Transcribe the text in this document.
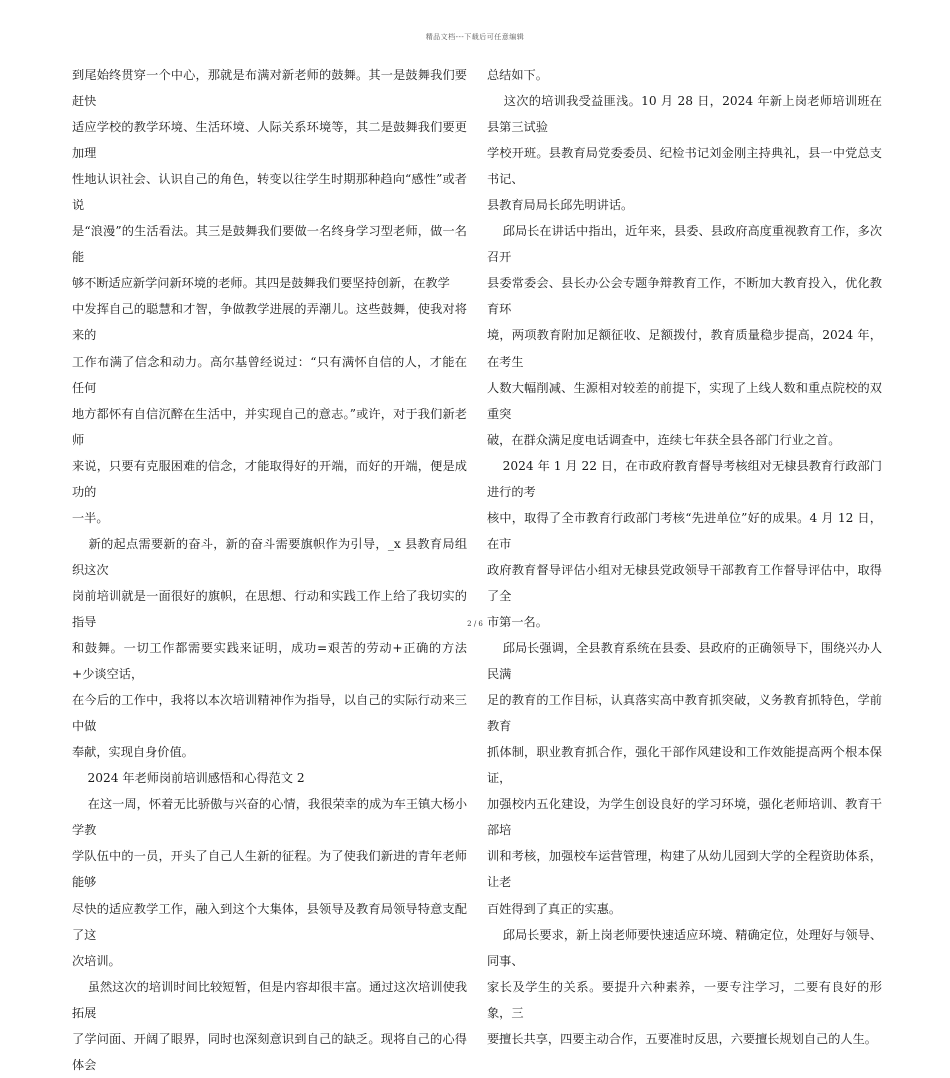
精品文档---下载后可任意编辑

到尾始终贯穿一个中心，那就是布满对新老师的鼓舞。其一是鼓舞我们要赶快

适应学校的教学环境、生活环境、人际关系环境等，其二是鼓舞我们要更加理

性地认识社会、认识自己的角色，转变以往学生时期那种趋向“感性”或者说

是“浪漫”的生活看法。其三是鼓舞我们要做一名终身学习型老师，做一名能

够不断适应新学问新环境的老师。其四是鼓舞我们要坚持创新，在教学

中发挥自己的聪慧和才智，争做教学进展的弄潮儿。这些鼓舞，使我对将来的

工作布满了信念和动力。高尔基曾经说过：“只有满怀自信的人，才能在任何

地方都怀有自信沉醉在生活中，并实现自己的意志。”或许，对于我们新老师

来说，只要有克服困难的信念，才能取得好的开端，而好的开端，便是成功的

一半。

新的起点需要新的奋斗，新的奋斗需要旗帜作为引导，_x 县教育局组织这次

岗前培训就是一面很好的旗帜，在思想、行动和实践工作上给了我切实的指导

和鼓舞。一切工作都需要实践来证明，成功=艰苦的劳动+正确的方法+少谈空话，

在今后的工作中，我将以本次培训精神作为指导，以自己的实际行动来三中做

奉献，实现自身价值。

2024 年老师岗前培训感悟和心得范文 2

在这一周，怀着无比骄傲与兴奋的心情，我很荣幸的成为车王镇大杨小学教

学队伍中的一员，开头了自己人生新的征程。为了使我们新进的青年老师能够

尽快的适应教学工作，融入到这个大集体，县领导及教育局领导特意支配了这

次培训。

虽然这次的培训时间比较短暂，但是内容却很丰富。通过这次培训使我拓展

了学问面、开阔了眼界，同时也深刻意识到自己的缺乏。现将自己的心得体会

总结如下。

这次的培训我受益匪浅。10 月 28 日，2024 年新上岗老师培训班在县第三试验

学校开班。县教育局党委委员、纪检书记刘金刚主持典礼，县一中党总支书记、

县教育局局长邱先明讲话。

邱局长在讲话中指出，近年来，县委、县政府高度重视教育工作，多次召开

县委常委会、县长办公会专题争辩教育工作，不断加大教育投入，优化教育环

境，两项教育附加足额征收、足额拨付，教育质量稳步提高，2024 年，在考生

人数大幅削减、生源相对较差的前提下，实现了上线人数和重点院校的双重突

破，在群众满足度电话调查中，连续七年获全县各部门行业之首。

2024 年 1 月 22 日，在市政府教育督导考核组对无棣县教育行政部门进行的考

核中，取得了全市教育行政部门考核“先进单位”好的成果。4 月 12 日，在市

政府教育督导评估小组对无棣县党政领导干部教育工作督导评估中，取得了全

市第一名。

邱局长强调，全县教育系统在县委、县政府的正确领导下，围绕兴办人民满

足的教育的工作目标，认真落实高中教育抓突破，义务教育抓特色，学前教育

抓体制，职业教育抓合作，强化干部作风建设和工作效能提高两个根本保证，

加强校内五化建设，为学生创设良好的学习环境，强化老师培训、教育干部培

训和考核，加强校车运营管理，构建了从幼儿园到大学的全程资助体系，让老

百姓得到了真正的实惠。

邱局长要求，新上岗老师要快速适应环境、精确定位，处理好与领导、同事、

家长及学生的关系。要提升六种素养，一要专注学习，二要有良好的形象，三

要擅长共享，四要主动合作，五要准时反思，六要擅长规划自己的人生。

2 / 6
